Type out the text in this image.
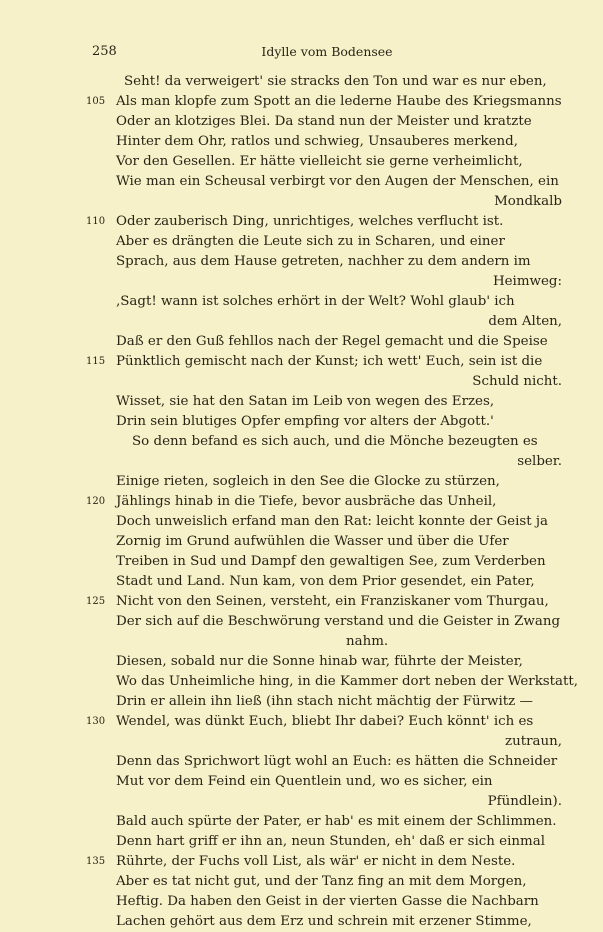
258	Idylle vom Bodensee
Seht! da verweigert' sie stracks den Ton und war es nur eben,
105 Als man klopfe zum Spott an die lederne Haube des Kriegsmanns
Oder an klotziges Blei. Da stand nun der Meister und kratzte
Hinter dem Ohr, ratlos und schwieg, Unsauberes merkend,
Vor den Gesellen. Er hätte vielleicht sie gerne verheimlicht,
Wie man ein Scheusal verbirgt vor den Augen der Menschen, ein
Mondkalb
110 Oder zauberisch Ding, unrichtiges, welches verflucht ist.
Aber es drängten die Leute sich zu in Scharen, und einer
Sprach, aus dem Hause getreten, nachher zu dem andern im
Heimweg:
‚Sagt! wann ist solches erhört in der Welt? Wohl glaub' ich
dem Alten,
Daß er den Guß fehllos nach der Regel gemacht und die Speise
115 Pünktlich gemischt nach der Kunst; ich wett' Euch, sein ist die
Schuld nicht.
Wisset, sie hat den Satan im Leib von wegen des Erzes,
Drin sein blutiges Opfer empfing vor alters der Abgott.'
So denn befand es sich auch, und die Mönche bezeugten es
selber.
Einige rieten, sogleich in den See die Glocke zu stürzen,
120 Jählings hinab in die Tiefe, bevor ausbräche das Unheil,
Doch unweislich erfand man den Rat: leicht konnte der Geist ja
Zornig im Grund aufwühlen die Wasser und über die Ufer
Treiben in Sud und Dampf den gewaltigen See, zum Verderben
Stadt und Land. Nun kam, von dem Prior gesendet, ein Pater,
125 Nicht von den Seinen, versteht, ein Franziskaner vom Thurgau,
Der sich auf die Beschwörung verstand und die Geister in Zwang
nahm.
Diesen, sobald nur die Sonne hinab war, führte der Meister,
Wo das Unheimliche hing, in die Kammer dort neben der Werkstatt,
Drin er allein ihn ließ (ihn stach nicht mächtig der Fürwitz —
130 Wendel, was dünkt Euch, bliebt Ihr dabei? Euch könnt' ich es
zutraun,
Denn das Sprichwort lügt wohl an Euch: es hätten die Schneider
Mut vor dem Feind ein Quentlein und, wo es sicher, ein
Pfündlein).
Bald auch spürte der Pater, er hab' es mit einem der Schlimmen.
Denn hart griff er ihn an, neun Stunden, eh' daß er sich einmal
135 Rührte, der Fuchs voll List, als wär' er nicht in dem Neste.
Aber es tat nicht gut, und der Tanz fing an mit dem Morgen,
Heftig. Da haben den Geist in der vierten Gasse die Nachbarn
Lachen gehört aus dem Erz und schrein mit erzener Stimme,
